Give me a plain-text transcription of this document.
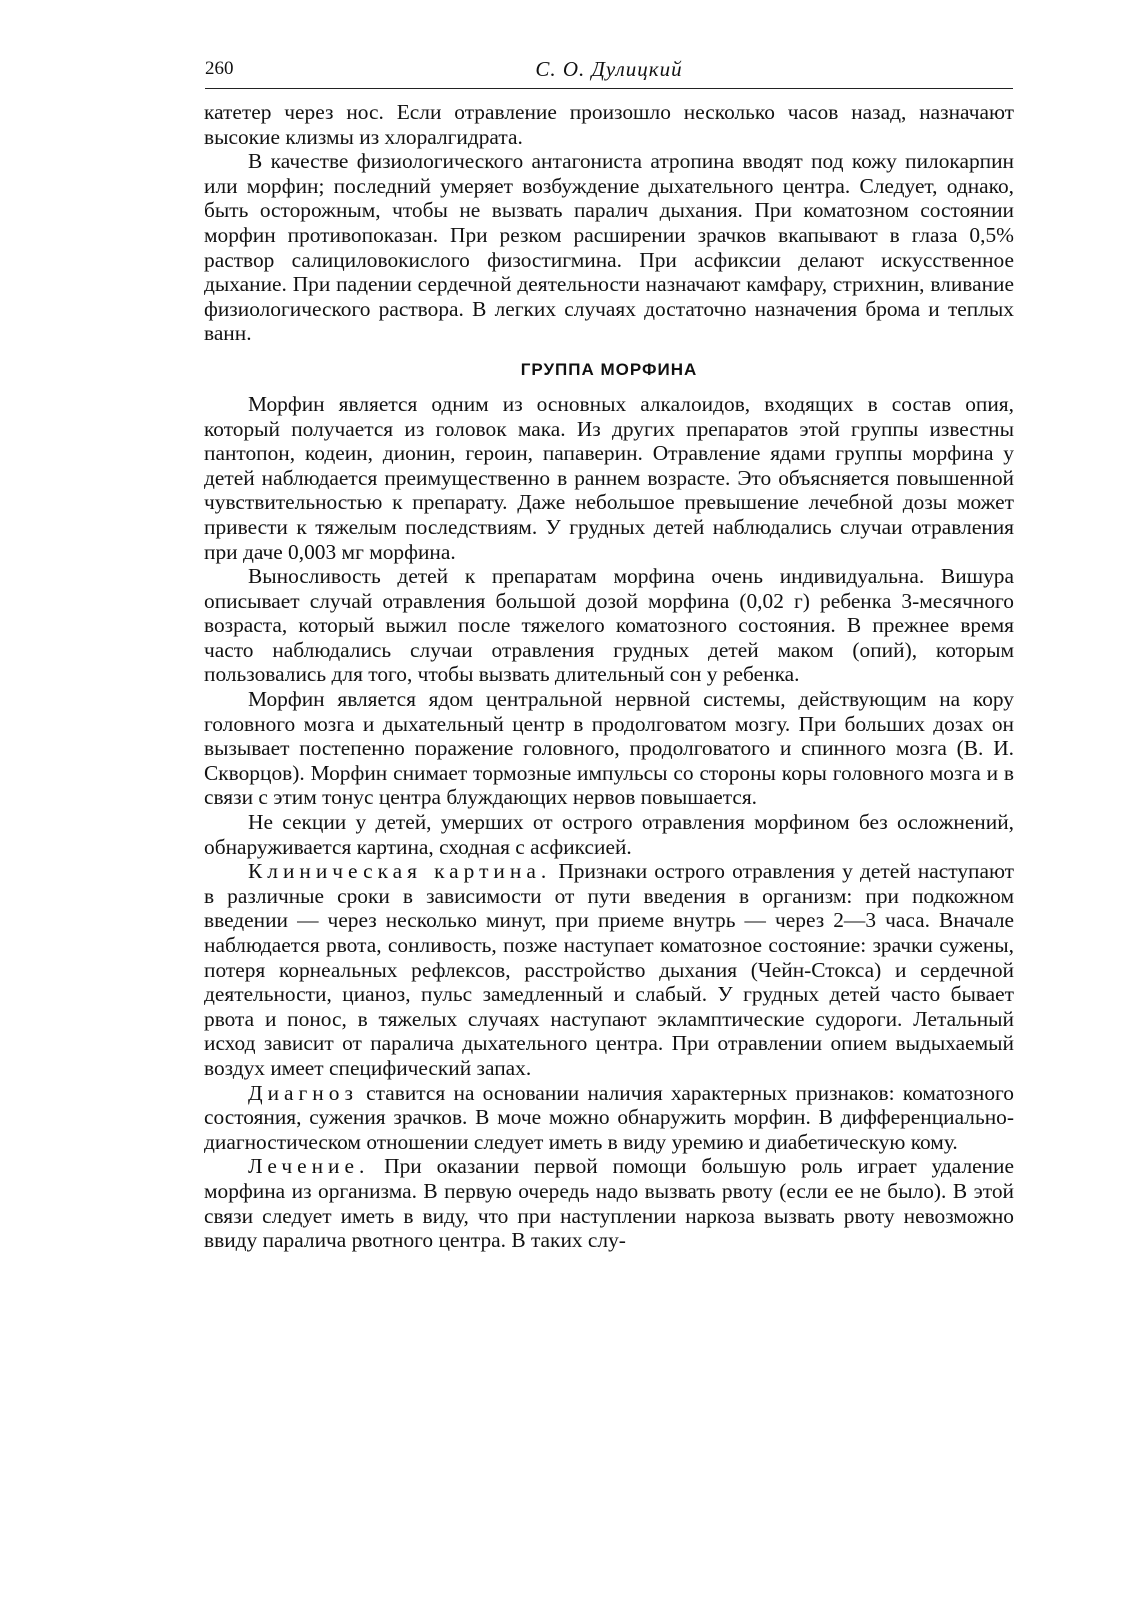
260	С. О. Дулицкий

катетер через нос. Если отравление произошло несколько часов назад, назначают высокие клизмы из хлоралгидрата.

В качестве физиологического антагониста атропина вводят под кожу пилокарпин или морфин; последний умеряет возбуждение дыхательного центра. Следует, однако, быть осторожным, чтобы не вызвать паралич дыхания. При коматозном состоянии морфин противопоказан. При резком расширении зрачков вкапывают в глаза 0,5% раствор салициловокислого физостигмина. При асфиксии делают искусственное дыхание. При падении сердечной деятельности назначают камфару, стрихнин, вливание физиологического раствора. В легких случаях достаточно назначения брома и теплых ванн.

ГРУППА МОРФИНА

Морфин является одним из основных алкалоидов, входящих в состав опия, который получается из головок мака. Из других препаратов этой группы известны пантопон, кодеин, дионин, героин, папаверин. Отравление ядами группы морфина у детей наблюдается преимущественно в раннем возрасте. Это объясняется повышенной чувствительностью к препарату. Даже небольшое превышение лечебной дозы может привести к тяжелым последствиям. У грудных детей наблюдались случаи отравления при даче 0,003 мг морфина.

Выносливость детей к препаратам морфина очень индивидуальна. Вишура описывает случай отравления большой дозой морфина (0,02 г) ребенка 3-месячного возраста, который выжил после тяжелого коматозного состояния. В прежнее время часто наблюдались случаи отравления грудных детей маком (опий), которым пользовались для того, чтобы вызвать длительный сон у ребенка.

Морфин является ядом центральной нервной системы, действующим на кору головного мозга и дыхательный центр в продолговатом мозгу. При больших дозах он вызывает постепенно поражение головного, продолговатого и спинного мозга (В. И. Скворцов). Морфин снимает тормозные импульсы со стороны коры головного мозга и в связи с этим тонус центра блуждающих нервов повышается.

Не секции у детей, умерших от острого отравления морфином без осложнений, обнаруживается картина, сходная с асфиксией.

Клиническая картина. Признаки острого отравления у детей наступают в различные сроки в зависимости от пути введения в организм: при подкожном введении — через несколько минут, при приеме внутрь — через 2—3 часа. Вначале наблюдается рвота, сонливость, позже наступает коматозное состояние: зрачки сужены, потеря корнеальных рефлексов, расстройство дыхания (Чейн-Стокса) и сердечной деятельности, цианоз, пульс замедленный и слабый. У грудных детей часто бывает рвота и понос, в тяжелых случаях наступают экламптические судороги. Летальный исход зависит от паралича дыхательного центра. При отравлении опием выдыхаемый воздух имеет специфический запах.

Диагноз ставится на основании наличия характерных признаков: коматозного состояния, сужения зрачков. В моче можно обнаружить морфин. В дифференциально-диагностическом отношении следует иметь в виду уремию и диабетическую кому.

Лечение. При оказании первой помощи большую роль играет удаление морфина из организма. В первую очередь надо вызвать рвоту (если ее не было). В этой связи следует иметь в виду, что при наступлении наркоза вызвать рвоту невозможно ввиду паралича рвотного центра. В таких слу-
